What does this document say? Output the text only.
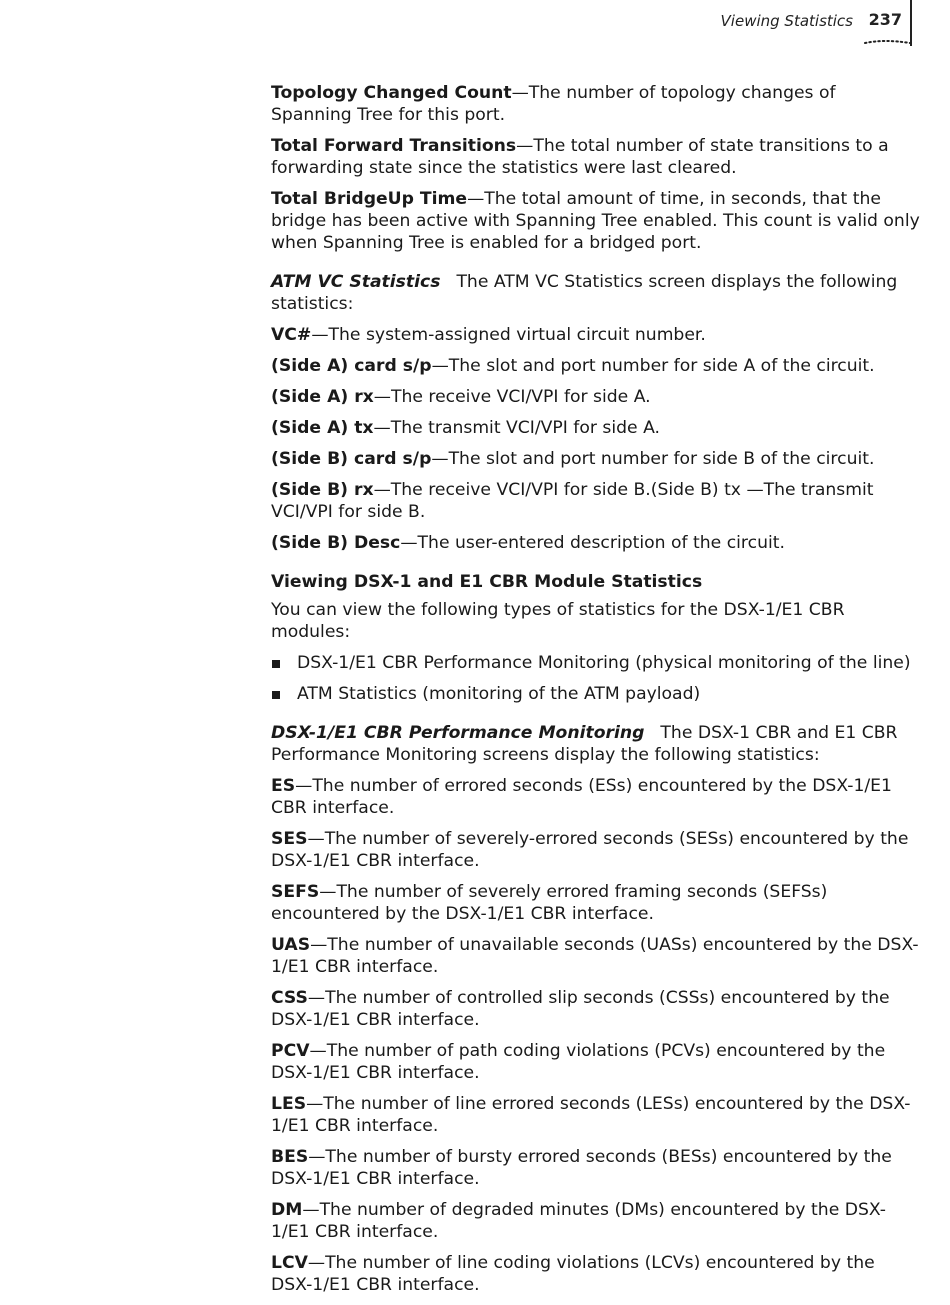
Viewing Statistics 237

Topology Changed Count—The number of topology changes of Spanning Tree for this port.

Total Forward Transitions—The total number of state transitions to a forwarding state since the statistics were last cleared.

Total BridgeUp Time—The total amount of time, in seconds, that the bridge has been active with Spanning Tree enabled. This count is valid only when Spanning Tree is enabled for a bridged port.

ATM VC Statistics The ATM VC Statistics screen displays the following statistics:

VC#—The system-assigned virtual circuit number.

(Side A) card s/p—The slot and port number for side A of the circuit.

(Side A) rx—The receive VCI/VPI for side A.

(Side A) tx—The transmit VCI/VPI for side A.

(Side B) card s/p—The slot and port number for side B of the circuit.

(Side B) rx—The receive VCI/VPI for side B.(Side B) tx —The transmit VCI/VPI for side B.

(Side B) Desc—The user-entered description of the circuit.

Viewing DSX-1 and E1 CBR Module Statistics

You can view the following types of statistics for the DSX-1/E1 CBR modules:

DSX-1/E1 CBR Performance Monitoring (physical monitoring of the line)
ATM Statistics (monitoring of the ATM payload)

DSX-1/E1 CBR Performance Monitoring The DSX-1 CBR and E1 CBR Performance Monitoring screens display the following statistics:

ES—The number of errored seconds (ESs) encountered by the DSX-1/E1 CBR interface.

SES—The number of severely-errored seconds (SESs) encountered by the DSX-1/E1 CBR interface.

SEFS—The number of severely errored framing seconds (SEFSs) encountered by the DSX-1/E1 CBR interface.

UAS—The number of unavailable seconds (UASs) encountered by the DSX-1/E1 CBR interface.

CSS—The number of controlled slip seconds (CSSs) encountered by the DSX-1/E1 CBR interface.

PCV—The number of path coding violations (PCVs) encountered by the DSX-1/E1 CBR interface.

LES—The number of line errored seconds (LESs) encountered by the DSX-1/E1 CBR interface.

BES—The number of bursty errored seconds (BESs) encountered by the DSX-1/E1 CBR interface.

DM—The number of degraded minutes (DMs) encountered by the DSX-1/E1 CBR interface.

LCV—The number of line coding violations (LCVs) encountered by the DSX-1/E1 CBR interface.
